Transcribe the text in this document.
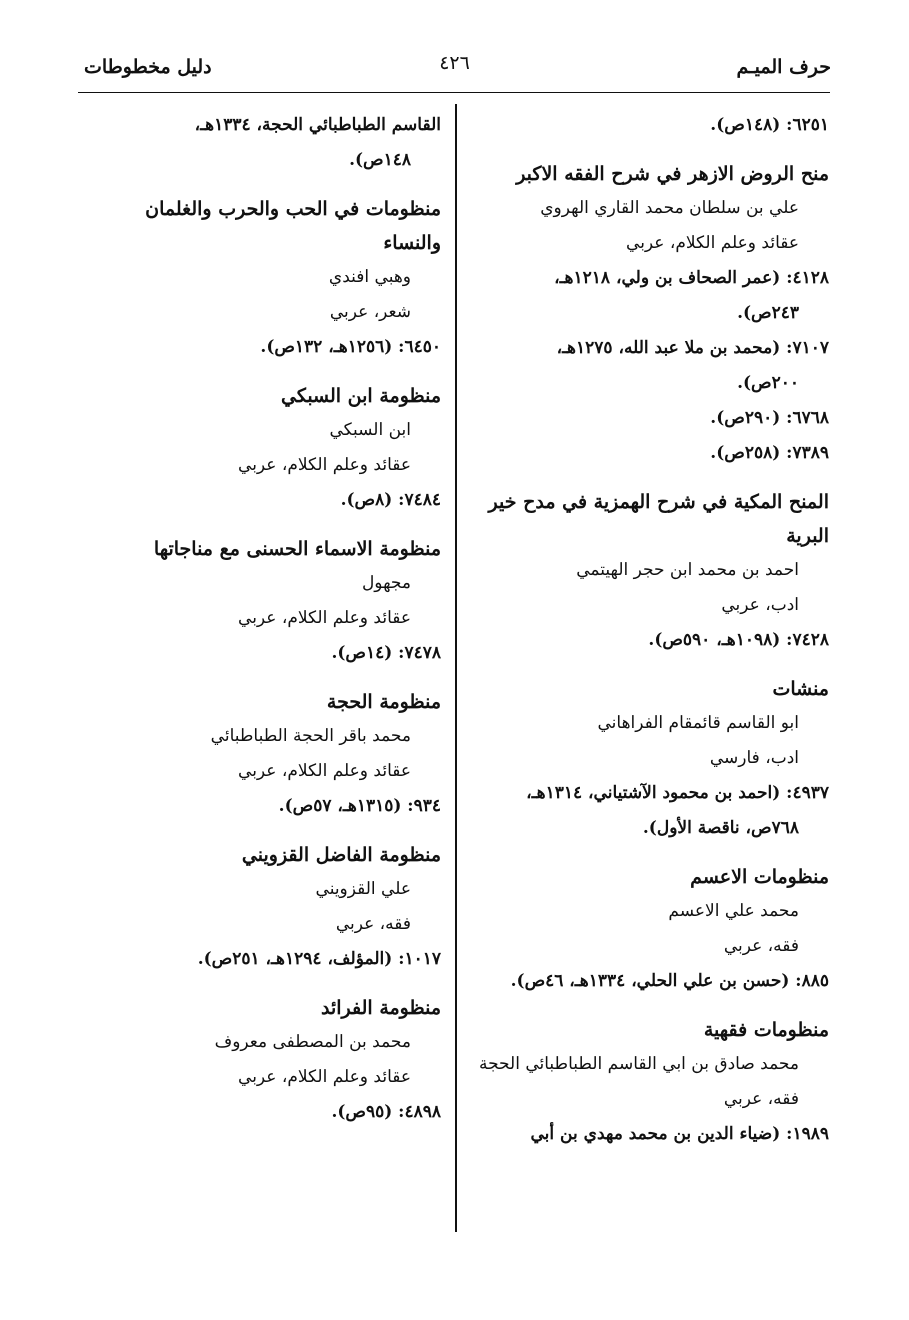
حرف الميـم
٤٢٦
دليل مخطوطات
٦٢٥١: (١٤٨ص).
منح الروض الازهر في شرح الفقه الاكبر
علي بن سلطان محمد القاري الهروي
عقائد وعلم الكلام، عربي
٤١٢٨: (عمر الصحاف بن ولي، ١٢١٨هـ،
٢٤٣ص).
٧١٠٧: (محمد بن ملا عبد الله، ١٢٧٥هـ،
٢٠٠ص).
٦٧٦٨: (٢٩٠ص).
٧٣٨٩: (٢٥٨ص).
المنح المكية في شرح الهمزية في مدح خير البرية
احمد بن محمد ابن حجر الهيتمي
ادب، عربي
٧٤٢٨: (١٠٩٨هـ، ٥٩٠ص).
منشات
ابو القاسم قائمقام الفراهاني
ادب، فارسي
٤٩٣٧: (احمد بن محمود الآشتياني، ١٣١٤هـ،
٧٦٨ص، ناقصة الأول).
منظومات الاعسم
محمد علي الاعسم
فقه، عربي
٨٨٥: (حسن بن علي الحلي، ١٣٣٤هـ، ٤٦ص).
منظومات فقهية
محمد صادق بن ابي القاسم الطباطبائي الحجة
فقه، عربي
١٩٨٩: (ضياء الدين بن محمد مهدي بن أبي
القاسم الطباطبائي الحجة، ١٣٣٤هـ،
١٤٨ص).
منظومات في الحب والحرب والغلمان والنساء
وهبي افندي
شعر، عربي
٦٤٥٠: (١٢٥٦هـ، ١٣٢ص).
منظومة ابن السبكي
ابن السبكي
عقائد وعلم الكلام، عربي
٧٤٨٤: (٨ص).
منظومة الاسماء الحسنى مع مناجاتها
مجهول
عقائد وعلم الكلام، عربي
٧٤٧٨: (١٤ص).
منظومة الحجة
محمد باقر الحجة الطباطبائي
عقائد وعلم الكلام، عربي
٩٣٤: (١٣١٥هـ، ٥٧ص).
منظومة الفاضل القزويني
علي القزويني
فقه، عربي
١٠١٧: (المؤلف، ١٢٩٤هـ، ٢٥١ص).
منظومة الفرائد
محمد بن المصطفى معروف
عقائد وعلم الكلام، عربي
٤٨٩٨: (٩٥ص).
